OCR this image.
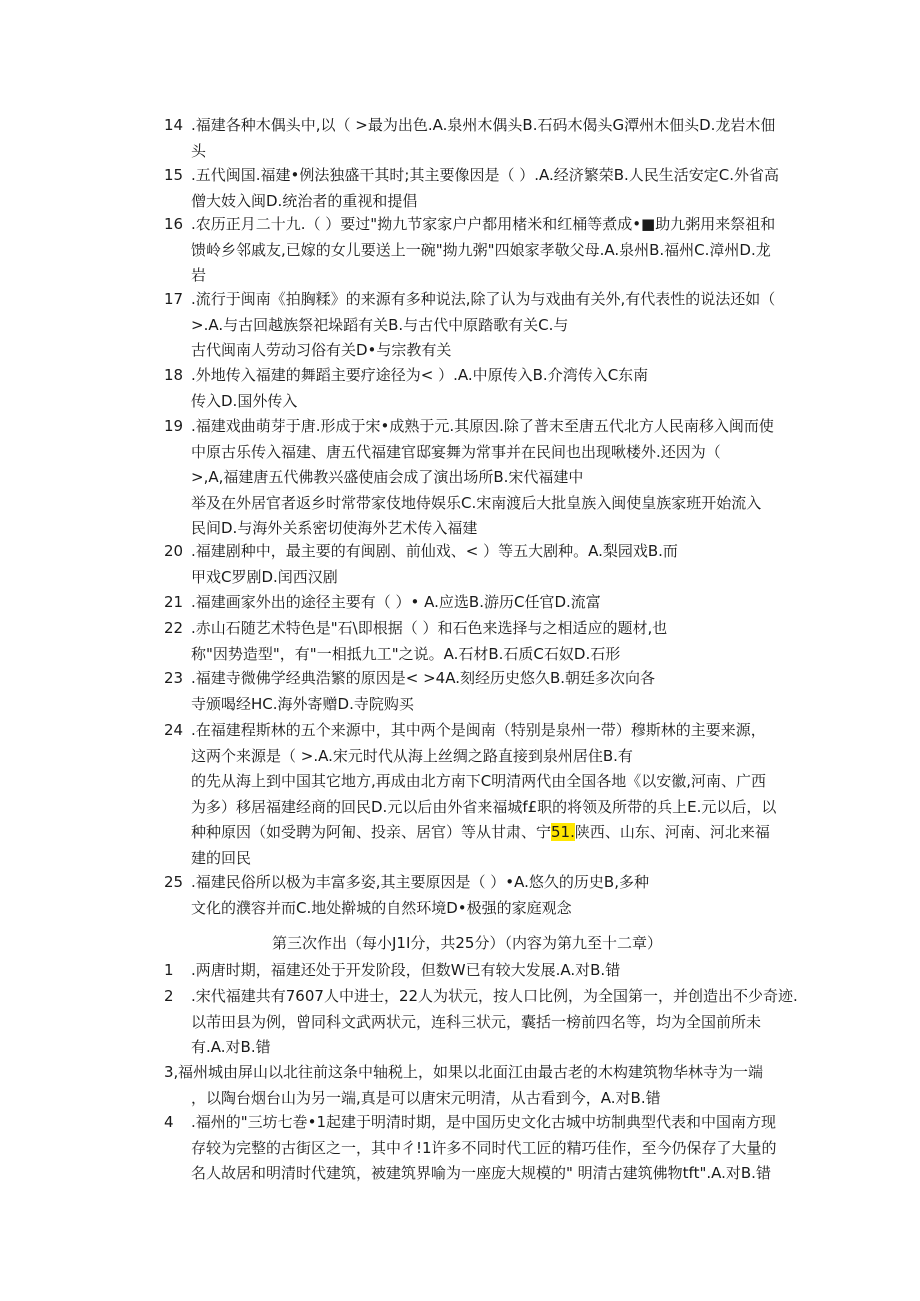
14 .福建各种木偶头中,以（ >最为出色.A.泉州木偶头B.石码木偈头G潭州木佃头D.龙岩木佃
头
15 .五代闽国.福建•例法独盛干其时;其主要像因是（ ）.A.经济繁荣B.人民生活安定C.外省高
僧大妓入闽D.统治者的重视和提倡
16 .农历正月二十九.（ ）要过"拗九节家家户户都用楮米和红桶等煮成•■助九粥用来祭祖和
馈岭乡邻戚友,已嫁的女儿要送上一碗"拗九粥"四娘家孝敬父母.A.泉州B.福州C.漳州D.龙
岩
17 .流行于闽南《拍胸糅》的来源有多种说法,除了认为与戏曲有关外,有代表性的说法还如（
>.A.与古回越族祭祀垛蹈有关B.与古代中原踏歌有关C.与
古代闽南人劳动习俗有关D•与宗教有关
18 .外地传入福建的舞蹈主要疗途径为< ）.A.中原传入B.介湾传入C东南
传入D.国外传入
19 .福建戏曲萌芽于唐.形成于宋•成熟于元.其原因.除了普末至唐五代北方人民南移入闽而使
中原古乐传入福建、唐五代福建官邸宴舞为常事并在民间也出现啾楼外.还因为（
>,A,福建唐五代佛教兴盛使庙会成了演出场所B.宋代福建中
举及在外居官者返乡时常带家伎地侍娱乐C.宋南渡后大批皇族入闽使皇族家班开始流入
民间D.与海外关系密切使海外艺术传入福建
20 .福建剧种中，最主要的有闽剧、前仙戏、< ）等五大剧种。A.梨园戏B.而
甲戏C罗剧D.闰西汉剧
21 .福建画家外出的途径主要有（ ）• A.应选B.游历C任官D.流富
22 .赤山石随艺术特色是"石\即根据（ ）和石色来选择与之相适应的题材,也
称"因势造型"，有"一相抵九工"之说。A.石材B.石质C石奴D.石形
23 .福建寺微佛学经典浩繁的原因是< >4A.刻经历史悠久B.朝廷多次向各
寺颁喝经HC.海外寄赠D.寺院购买
24 .在福建程斯林的五个来源中，其中两个是闽南（特别是泉州一带）穆斯林的主要来源，
这两个来源是（ >.A.宋元时代从海上丝绸之路直接到泉州居住B.有
的先从海上到中国其它地方,再成由北方南下C明清两代由全国各地《以安徽,河南、广西
为多）移居福建经商的回民D.元以后由外省来福城f£职的将领及所带的兵上E.元以后，以
种种原因（如受聘为阿匍、投亲、居官）等从甘肃、宁51.陕西、山东、河南、河北来福
建的回民
25 .福建民俗所以极为丰富多姿,其主要原因是（ ）•A.悠久的历史B,多种
文化的濮容并而C.地处擀城的自然环境D•极强的家庭观念
第三次作出（每小J1I分，共25分）（内容为第九至十二章）
1	.两唐时期，福建还处于开发阶段，但数W已有较大发展.A.对B.错
2	.宋代福建共有7607人中进士，22人为状元，按人口比例，为全国第一，并创造出不少奇迹.
以芾田县为例，曾同科文武两状元，连科三状元，囊括一榜前四名等，均为全国前所未
有.A.对B.错
3, 福州城由屏山以北往前这条中轴税上，如果以北面江由最古老的木构建筑物华林寺为一端
，以陶台烟台山为另一端,真是可以唐宋元明清，从古看到今，A.对B.错
4	.福州的"三坊七巻•1起建于明清时期，是中国历史文化古城中坊制典型代表和中国南方现
存较为完整的古街区之一，其中彳!1许多不同时代工匠的精巧佳作，至今仍保存了大量的
名人故居和明清时代建筑，被建筑界喻为一座庞大规模的" 明清古建筑佛物tft".A.对B.错
